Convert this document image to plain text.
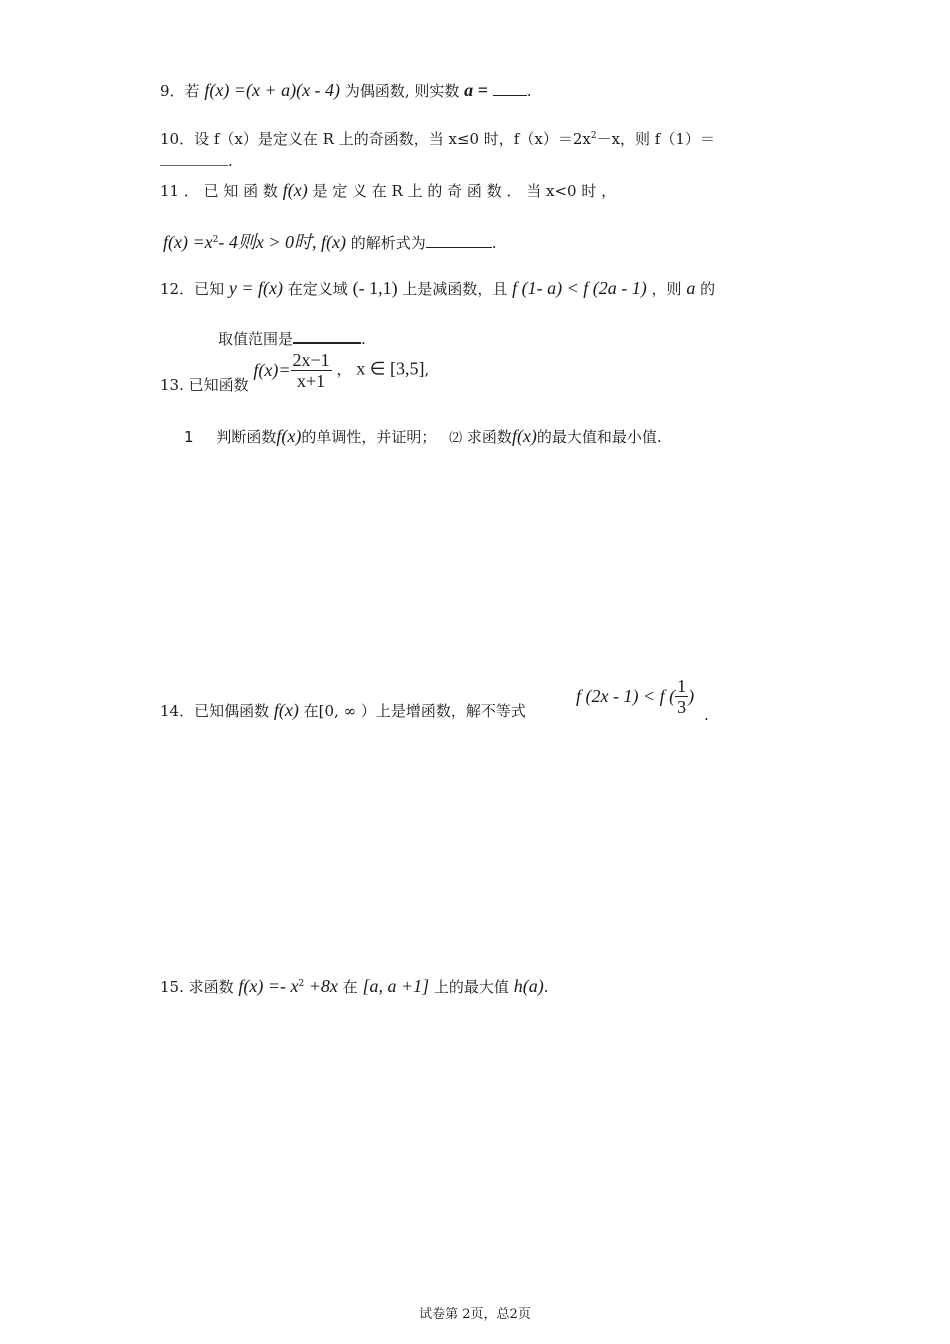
9．若 f(x) =(x + a)(x - 4) 为偶函数, 则实数 a =	.
10．设 f（x）是定义在 R 上的奇函数，当 x≤0 时，$f(x)=2x^2-x$，则 f（1）＝
.
11 ． 已 知 函 数 f(x) 是 定 义 在 R 上 的 奇 函 数 ． 当 x<0 时 ，
$f(x) =x^2-$ 4则x > 0时, f(x) 的解析式为	.
12．已知 y = f(x) 在定义域 (- 1,1) 上是减函数，且 f (1- a) < f (2a - 1) ，则 a 的
取值范围是	.
13. 已知函数 $f(x)= \frac{2x-1}{x+1}$ ， x ∈ [3,5],
1 判断函数f(x)的单调性，并证明； ⑵ 求函数f(x)的最大值和最小值.
14．已知偶函数 f(x) 在[0, ∞ ）上是增函数，解不等式
f (2x - 1) < f ( $\frac{1}{3}$ )
.
15. 求函数 $f(x) =- x^2 +8x$ 在 [a, a +1] 上的最大值 h(a).
试卷第 2页，总2页
